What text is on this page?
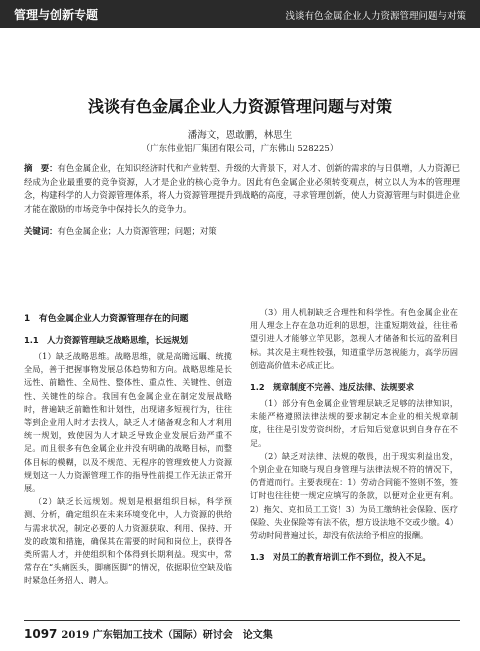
管理与创新专题	浅谈有色金属企业人力资源管理问题与对策
浅谈有色金属企业人力资源管理问题与对策
潘海文，恩敢鹏，林思生
（广东伟业铝厂集团有限公司，广东佛山 528225）
摘　要：有色金属企业，在知识经济时代和产业转型、升级的大背景下，对人才、创新的需求的与日俱增，人力资源已经成为企业最重要的竞争资源，人才是企业的核心竞争力。因此有色金属企业必须转变观点，树立以人为本的管理理念，构建科学的人力资源管理体系，将人力资源管理提升到战略的高度，寻求管理创新，使人力资源管理与时俱进企业才能在激励的市场竞争中保持长久的竞争力。
关键词：有色金属企业；人力资源管理；问题；对策
1　有色金属企业人力资源管理存在的问题
1.1　人力资源管理缺乏战略思维，长远规划

（1）缺乏战略思维。战略思维，就是高瞻远瞩、统揽全局，善于把握事物发展总体趋势和方向。战略思维是长远性、前瞻性、全局性、整体性、重点性、关键性、创造性、关键性的综合。我国有色金属企业在制定发展战略时，普遍缺乏前瞻性和计划性，出现诸多短视行为，往往等到企业用人时才去找人，缺乏人才储备观念和人才利用统一规划，致使因为人才缺乏导致企业发展后劲严重不足。而且很多有色金属企业并没有明确的战略目标，而整体目标的模糊，以及不规范、无程序的管理致使人力资源规划这一人力资源管理工作的指导性前提工作无法正常开展。

（2）缺乏长远规划。规划是根据组织目标，科学预测、分析，确定组织在未来环境变化中，人力资源的供给与需求状况，制定必要的人力资源获取、利用、保持、开发的政策和措施，确保其在需要的时间和岗位上，获得各类所需人才，并使组织和个体得到长期利益。现实中，常常存在“头痛医头，脚痛医脚”的情况，依据职位空缺及临时紧急任务招人、聘人。

（3）用人机制缺乏合理性和科学性。有色金属企业在用人理念上存在急功近利的思想，注重短期效益，往往希望引进人才能够立竿见影，忽视人才储备和长远的盈利目标。其次是主观性较强，知道重学历忽视能力，高学历固创造高价值未必成正比。

1.2　规章制度不完善、违反法律、法规要求

（1）部分有色金属企业管理层缺乏足够的法律知识，未能严格遵照法律法规的要求制定本企业的相关规章制度，往往是引发劳资纠纷，才后知后觉意识到自身存在不足。

（2）缺乏对法律、法规的敬畏，出于现实利益出发，个别企业在知晓与现自身管理与法律法规不符的情况下，仍背道而行。主要表现在：1）劳动合同能不签则不签，签订时也往往使一规定应填写的条款，以便对企业更有利。2）拖欠、克扣员工工资！3）为员工缴纳社会保险、医疗保险、失业保险等有法不依，想方设法地不交或少缴。4）劳动时间普遍过长，却没有依法给予相应的报酬。

1.3　对员工的教育培训工作不到位，投入不足。
1097 2019 广东铝加工技术（国际）研讨会　论文集
